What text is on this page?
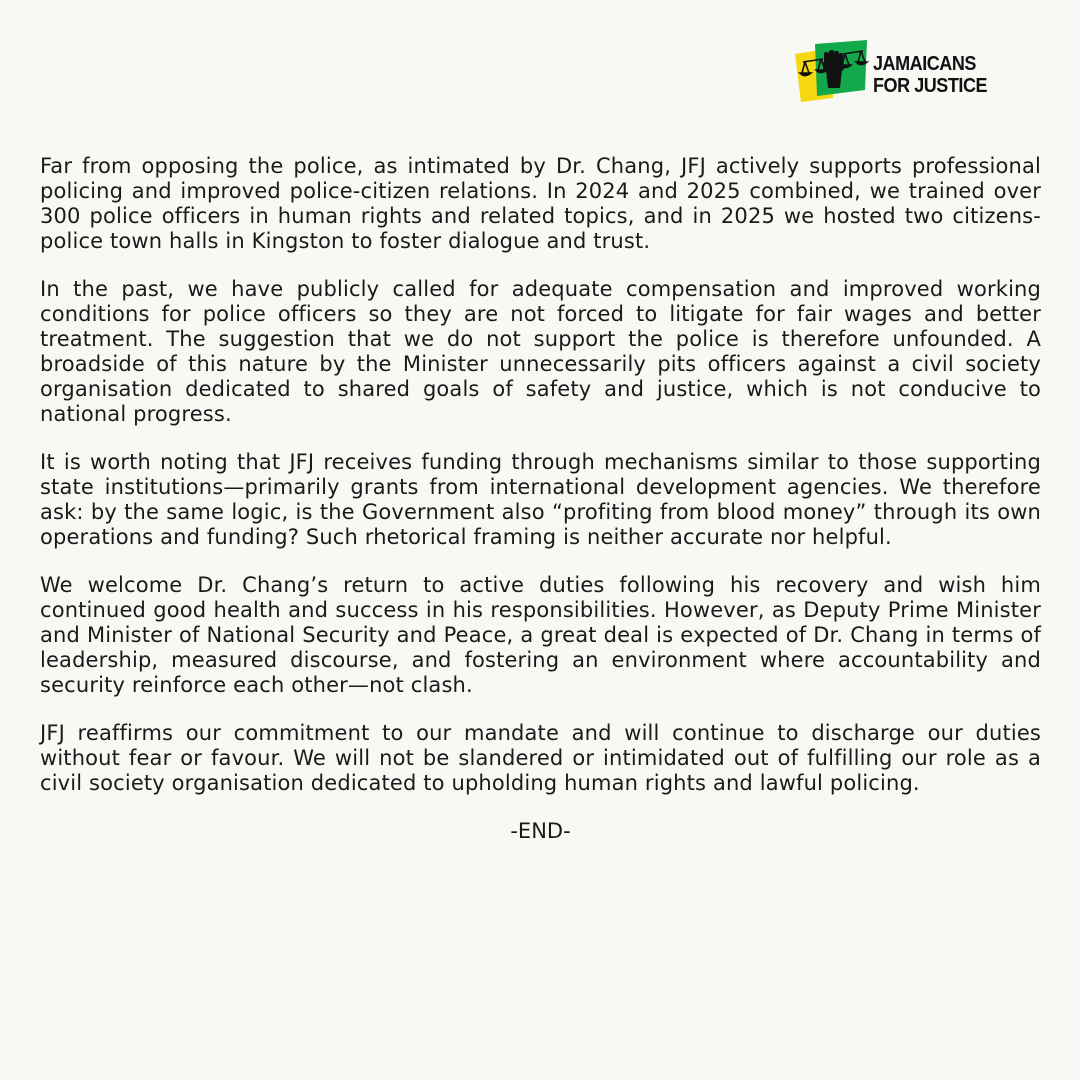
JAMAICANS
FOR JUSTICE

Far from opposing the police, as intimated by Dr. Chang, JFJ actively supports professional policing and improved police-citizen relations. In 2024 and 2025 combined, we trained over 300 police officers in human rights and related topics, and in 2025 we hosted two citizens-police town halls in Kingston to foster dialogue and trust.

In the past, we have publicly called for adequate compensation and improved working conditions for police officers so they are not forced to litigate for fair wages and better treatment. The suggestion that we do not support the police is therefore unfounded. A broadside of this nature by the Minister unnecessarily pits officers against a civil society organisation dedicated to shared goals of safety and justice, which is not conducive to national progress.

It is worth noting that JFJ receives funding through mechanisms similar to those supporting state institutions—primarily grants from international development agencies. We therefore ask: by the same logic, is the Government also “profiting from blood money” through its own operations and funding? Such rhetorical framing is neither accurate nor helpful.

We welcome Dr. Chang’s return to active duties following his recovery and wish him continued good health and success in his responsibilities. However, as Deputy Prime Minister and Minister of National Security and Peace, a great deal is expected of Dr. Chang in terms of leadership, measured discourse, and fostering an environment where accountability and security reinforce each other—not clash.

JFJ reaffirms our commitment to our mandate and will continue to discharge our duties without fear or favour. We will not be slandered or intimidated out of fulfilling our role as a civil society organisation dedicated to upholding human rights and lawful policing.

-END-
